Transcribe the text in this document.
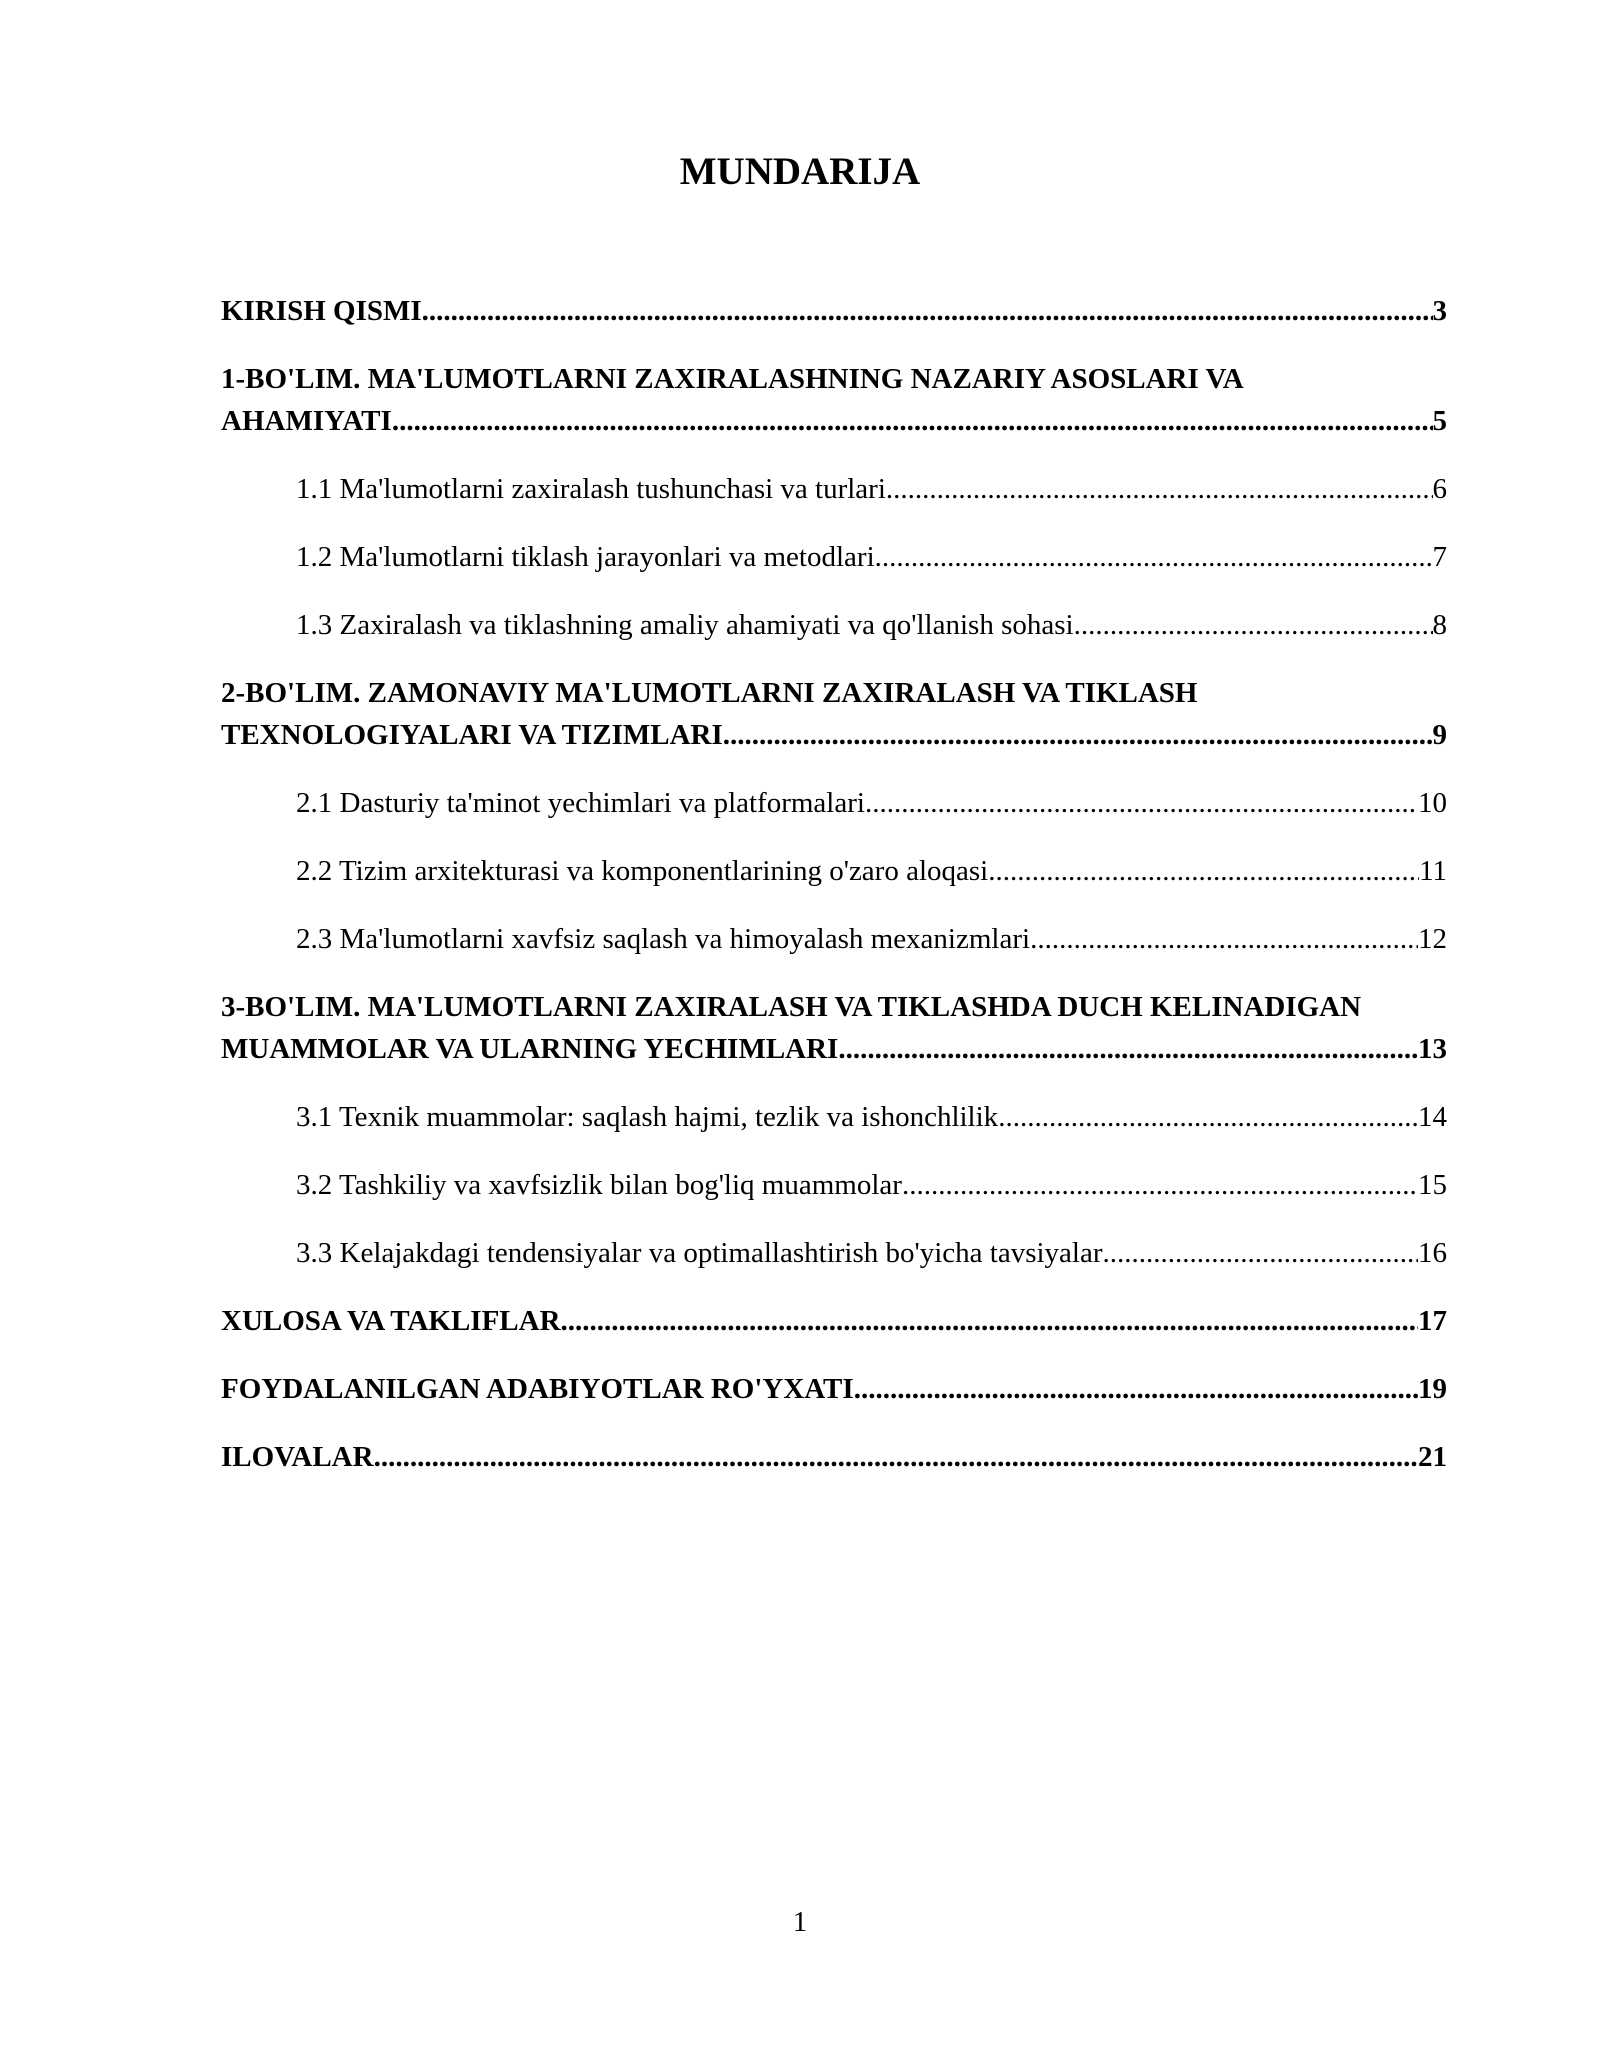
MUNDARIJA
KIRISH QISMI .....	3
1-BO'LIM. MA'LUMOTLARNI ZAXIRALASHNING NAZARIY ASOSLARI VA
AHAMIYATI .....	5
1.1 Ma'lumotlarni zaxiralash tushunchasi va turlari .....	6
1.2 Ma'lumotlarni tiklash jarayonlari va metodlari .....	7
1.3 Zaxiralash va tiklashning amaliy ahamiyati va qo'llanish sohasi .....	8
2-BO'LIM. ZAMONAVIY MA'LUMOTLARNI ZAXIRALASH VA TIKLASH
TEXNOLOGIYALARI VA TIZIMLARI .....	9
2.1 Dasturiy ta'minot yechimlari va platformalari .....	10
2.2 Tizim arxitekturasi va komponentlarining o'zaro aloqasi .....	11
2.3 Ma'lumotlarni xavfsiz saqlash va himoyalash mexanizmlari .....	12
3-BO'LIM. MA'LUMOTLARNI ZAXIRALASH VA TIKLASHDA DUCH KELINADIGAN
MUAMMOLAR VA ULARNING YECHIMLARI .....	13
3.1 Texnik muammolar: saqlash hajmi, tezlik va ishonchlilik .....	14
3.2 Tashkiliy va xavfsizlik bilan bog'liq muammolar .....	15
3.3 Kelajakdagi tendensiyalar va optimallashtirish bo'yicha tavsiyalar .....	16
XULOSA VA TAKLIFLAR .....	17
FOYDALANILGAN ADABIYOTLAR RO'YXATI .....	19
ILOVALAR .....	21
1
